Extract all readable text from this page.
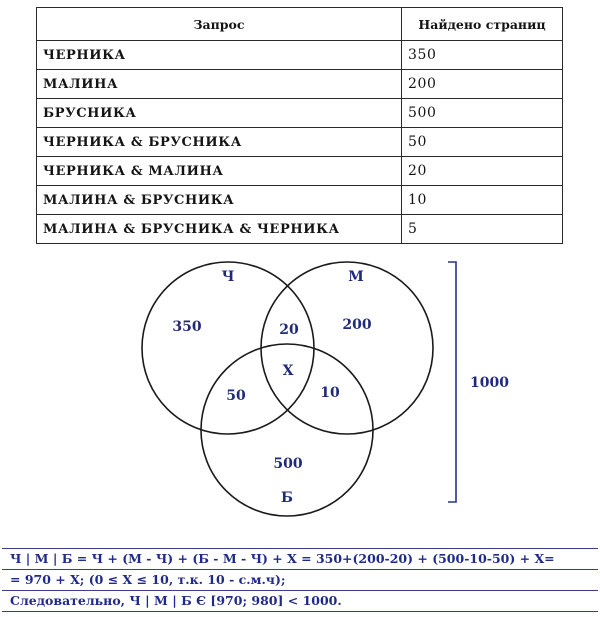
Запрос	Найдено страниц
ЧЕРНИКА	350
МАЛИНА	200
БРУСНИКА	500
ЧЕРНИКА & БРУСНИКА	50
ЧЕРНИКА & МАЛИНА	20
МАЛИНА & БРУСНИКА	10
МАЛИНА & БРУСНИКА & ЧЕРНИКА	5
Ч	М
Б
350	20	200
X
50	10
500
1000
Ч | М | Б = Ч + (М - Ч) + (Б - М - Ч) + X = 350+(200-20) + (500-10-50) + X=
= 970 + X; (0 ≤ X ≤ 10, т.к. 10 - с.м.ч);
Следовательно, Ч | М | Б Є [970; 980] < 1000.
